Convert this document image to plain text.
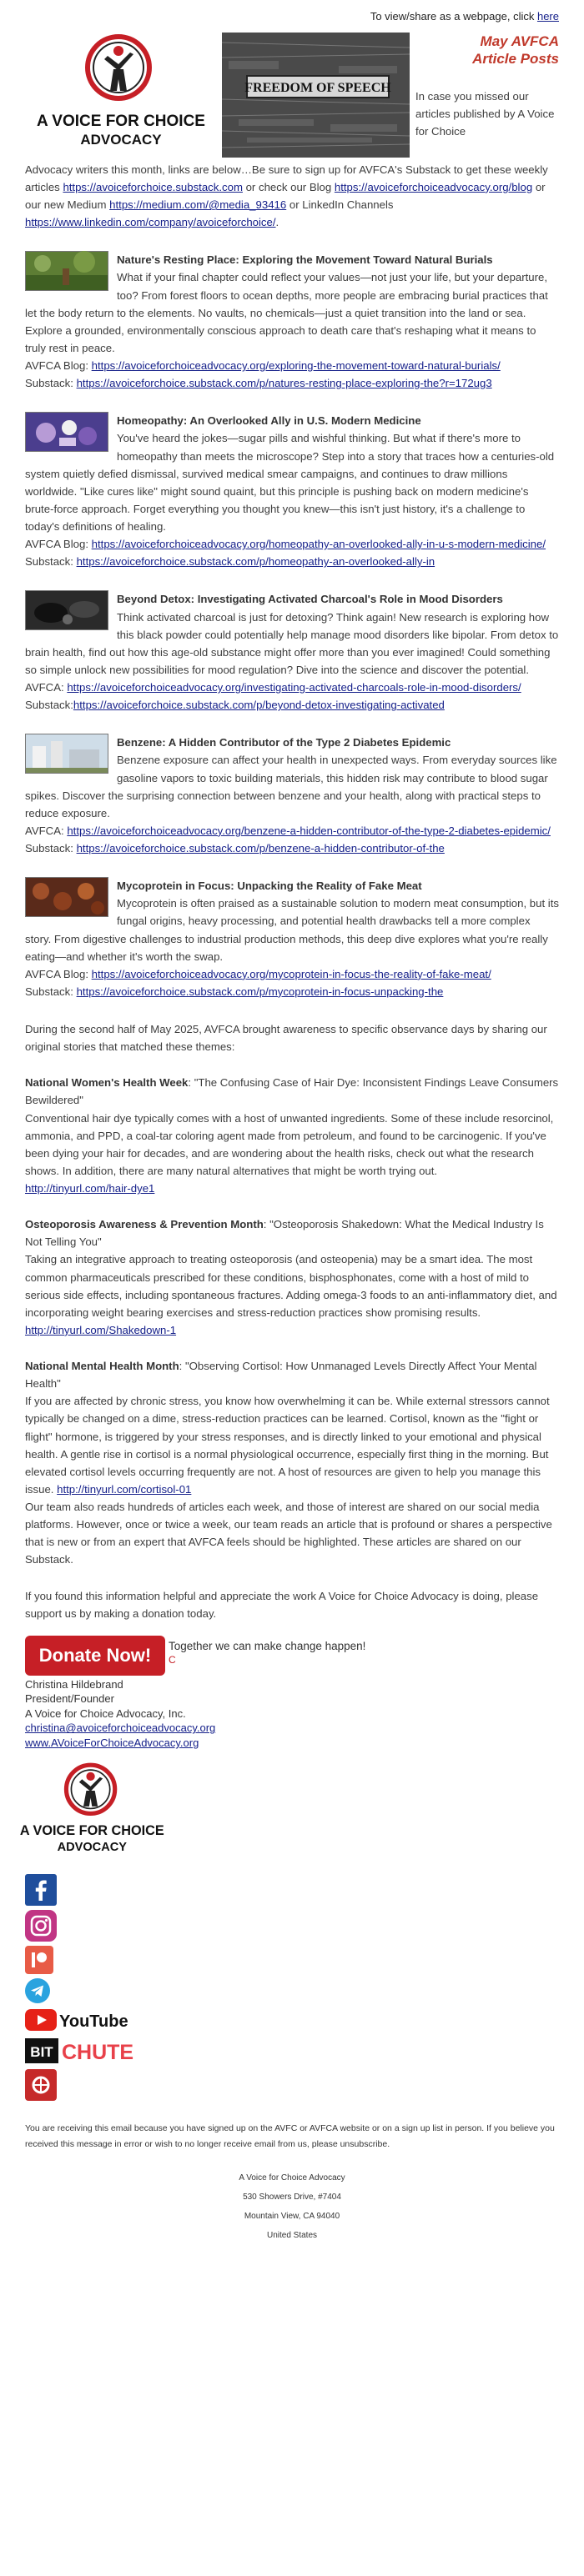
To view/share as a webpage, click here
A VOICE FOR CHOICE
ADVOCACY
FREEDOM OF SPEECH
May AVFCA
Article Posts
In case you missed our articles published by A Voice for Choice
Advocacy writers this month, links are below…Be sure to sign up for AVFCA's Substack to get these weekly articles https://avoiceforchoice.substack.com or check our Blog https://avoiceforchoiceadvocacy.org/blog or our new Medium https://medium.com/@media_93416 or LinkedIn Channels https://www.linkedin.com/company/avoiceforchoice/.
Nature's Resting Place: Exploring the Movement Toward Natural Burials
What if your final chapter could reflect your values—not just your life, but your departure, too? From forest floors to ocean depths, more people are embracing burial practices that let the body return to the elements. No vaults, no chemicals—just a quiet transition into the land or sea. Explore a grounded, environmentally conscious approach to death care that's reshaping what it means to truly rest in peace.
AVFCA Blog: https://avoiceforchoiceadvocacy.org/exploring-the-movement-toward-natural-burials/
Substack: https://avoiceforchoice.substack.com/p/natures-resting-place-exploring-the?r=172ug3
Homeopathy: An Overlooked Ally in U.S. Modern Medicine
You've heard the jokes—sugar pills and wishful thinking. But what if there's more to homeopathy than meets the microscope? Step into a story that traces how a centuries-old system quietly defied dismissal, survived medical smear campaigns, and continues to draw millions worldwide. "Like cures like" might sound quaint, but this principle is pushing back on modern medicine's brute-force approach. Forget everything you thought you knew—this isn't just history, it's a challenge to today's definitions of healing.
AVFCA Blog: https://avoiceforchoiceadvocacy.org/homeopathy-an-overlooked-ally-in-u-s-modern-medicine/
Substack: https://avoiceforchoice.substack.com/p/homeopathy-an-overlooked-ally-in
Beyond Detox: Investigating Activated Charcoal's Role in Mood Disorders
Think activated charcoal is just for detoxing? Think again! New research is exploring how this black powder could potentially help manage mood disorders like bipolar. From detox to brain health, find out how this age-old substance might offer more than you ever imagined! Could something so simple unlock new possibilities for mood regulation? Dive into the science and discover the potential.
AVFCA: https://avoiceforchoiceadvocacy.org/investigating-activated-charcoals-role-in-mood-disorders/
Substack:https://avoiceforchoice.substack.com/p/beyond-detox-investigating-activated
Benzene: A Hidden Contributor of the Type 2 Diabetes Epidemic
Benzene exposure can affect your health in unexpected ways. From everyday sources like gasoline vapors to toxic building materials, this hidden risk may contribute to blood sugar spikes. Discover the surprising connection between benzene and your health, along with practical steps to reduce exposure.
AVFCA: https://avoiceforchoiceadvocacy.org/benzene-a-hidden-contributor-of-the-type-2-diabetes-epidemic/
Substack: https://avoiceforchoice.substack.com/p/benzene-a-hidden-contributor-of-the
Mycoprotein in Focus: Unpacking the Reality of Fake Meat
Mycoprotein is often praised as a sustainable solution to modern meat consumption, but its fungal origins, heavy processing, and potential health drawbacks tell a more complex story. From digestive challenges to industrial production methods, this deep dive explores what you're really eating—and whether it's worth the swap.
AVFCA Blog: https://avoiceforchoiceadvocacy.org/mycoprotein-in-focus-the-reality-of-fake-meat/
Substack: https://avoiceforchoice.substack.com/p/mycoprotein-in-focus-unpacking-the
During the second half of May 2025, AVFCA brought awareness to specific observance days by sharing our original stories that matched these themes:
National Women's Health Week: "The Confusing Case of Hair Dye: Inconsistent Findings Leave Consumers Bewildered"
Conventional hair dye typically comes with a host of unwanted ingredients. Some of these include resorcinol, ammonia, and PPD, a coal-tar coloring agent made from petroleum, and found to be carcinogenic. If you've been dying your hair for decades, and are wondering about the health risks, check out what the research shows. In addition, there are many natural alternatives that might be worth trying out.
http://tinyurl.com/hair-dye1
Osteoporosis Awareness & Prevention Month: "Osteoporosis Shakedown: What the Medical Industry Is Not Telling You"
Taking an integrative approach to treating osteoporosis (and osteopenia) may be a smart idea. The most common pharmaceuticals prescribed for these conditions, bisphosphonates, come with a host of mild to serious side effects, including spontaneous fractures. Adding omega-3 foods to an anti-inflammatory diet, and incorporating weight bearing exercises and stress-reduction practices show promising results.
http://tinyurl.com/Shakedown-1
National Mental Health Month: "Observing Cortisol: How Unmanaged Levels Directly Affect Your Mental Health"
If you are affected by chronic stress, you know how overwhelming it can be. While external stressors cannot typically be changed on a dime, stress-reduction practices can be learned. Cortisol, known as the "fight or flight" hormone, is triggered by your stress responses, and is directly linked to your emotional and physical health. A gentle rise in cortisol is a normal physiological occurrence, especially first thing in the morning. But elevated cortisol levels occurring frequently are not. A host of resources are given to help you manage this issue. http://tinyurl.com/cortisol-01
Our team also reads hundreds of articles each week, and those of interest are shared on our social media platforms. However, once or twice a week, our team reads an article that is profound or shares a perspective that is new or from an expert that AVFCA feels should be highlighted. These articles are shared on our Substack.
If you found this information helpful and appreciate the work A Voice for Choice Advocacy is doing, please support us by making a donation today.
Donate Now!	Together we can make change happen!
C
Christina Hildebrand
President/Founder
A Voice for Choice Advocacy, Inc.
christina@avoiceforchoiceadvocacy.org
www.AVoiceForChoiceAdvocacy.org
A VOICE FOR CHOICE
ADVOCACY
YouTube
BIT CHUTE
You are receiving this email because you have signed up on the AVFC or AVFCA website or on a sign up list in person. If you believe you received this message in error or wish to no longer receive email from us, please unsubscribe.
A Voice for Choice Advocacy
530 Showers Drive, #7404
Mountain View, CA 94040
United States
